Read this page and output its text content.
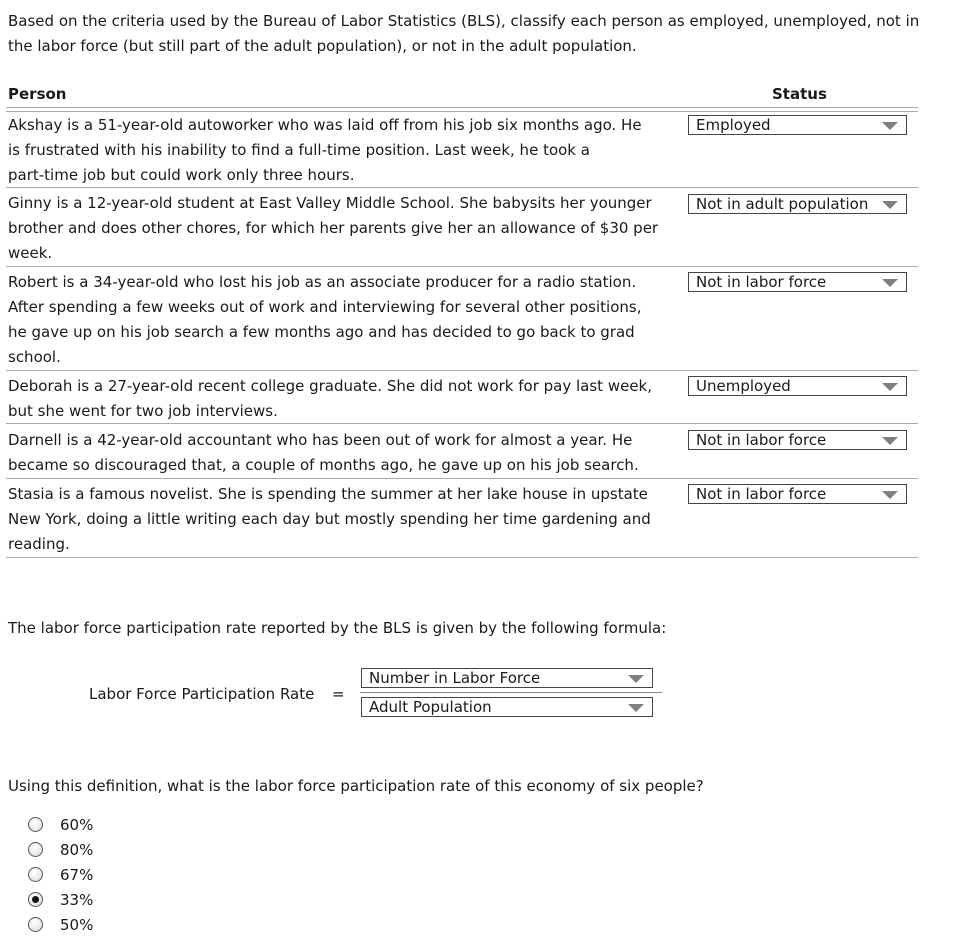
Based on the criteria used by the Bureau of Labor Statistics (BLS), classify each person as employed, unemployed, not in the labor force (but still part of the adult population), or not in the adult population.
Person	Status
Akshay is a 51-year-old autoworker who was laid off from his job six months ago. He
is frustrated with his inability to find a full-time position. Last week, he took a
part-time job but could work only three hours.
Employed
Ginny is a 12-year-old student at East Valley Middle School. She babysits her younger
brother and does other chores, for which her parents give her an allowance of $30 per
week.
Not in adult population
Robert is a 34-year-old who lost his job as an associate producer for a radio station.
After spending a few weeks out of work and interviewing for several other positions,
he gave up on his job search a few months ago and has decided to go back to grad
school.
Not in labor force
Deborah is a 27-year-old recent college graduate. She did not work for pay last week,
but she went for two job interviews.
Unemployed
Darnell is a 42-year-old accountant who has been out of work for almost a year. He
became so discouraged that, a couple of months ago, he gave up on his job search.
Not in labor force
Stasia is a famous novelist. She is spending the summer at her lake house in upstate
New York, doing a little writing each day but mostly spending her time gardening and
reading.
Not in labor force
The labor force participation rate reported by the BLS is given by the following formula:
Labor Force Participation Rate =
Number in Labor Force
Adult Population
Using this definition, what is the labor force participation rate of this economy of six people?
60%
80%
67%
33%
50%
